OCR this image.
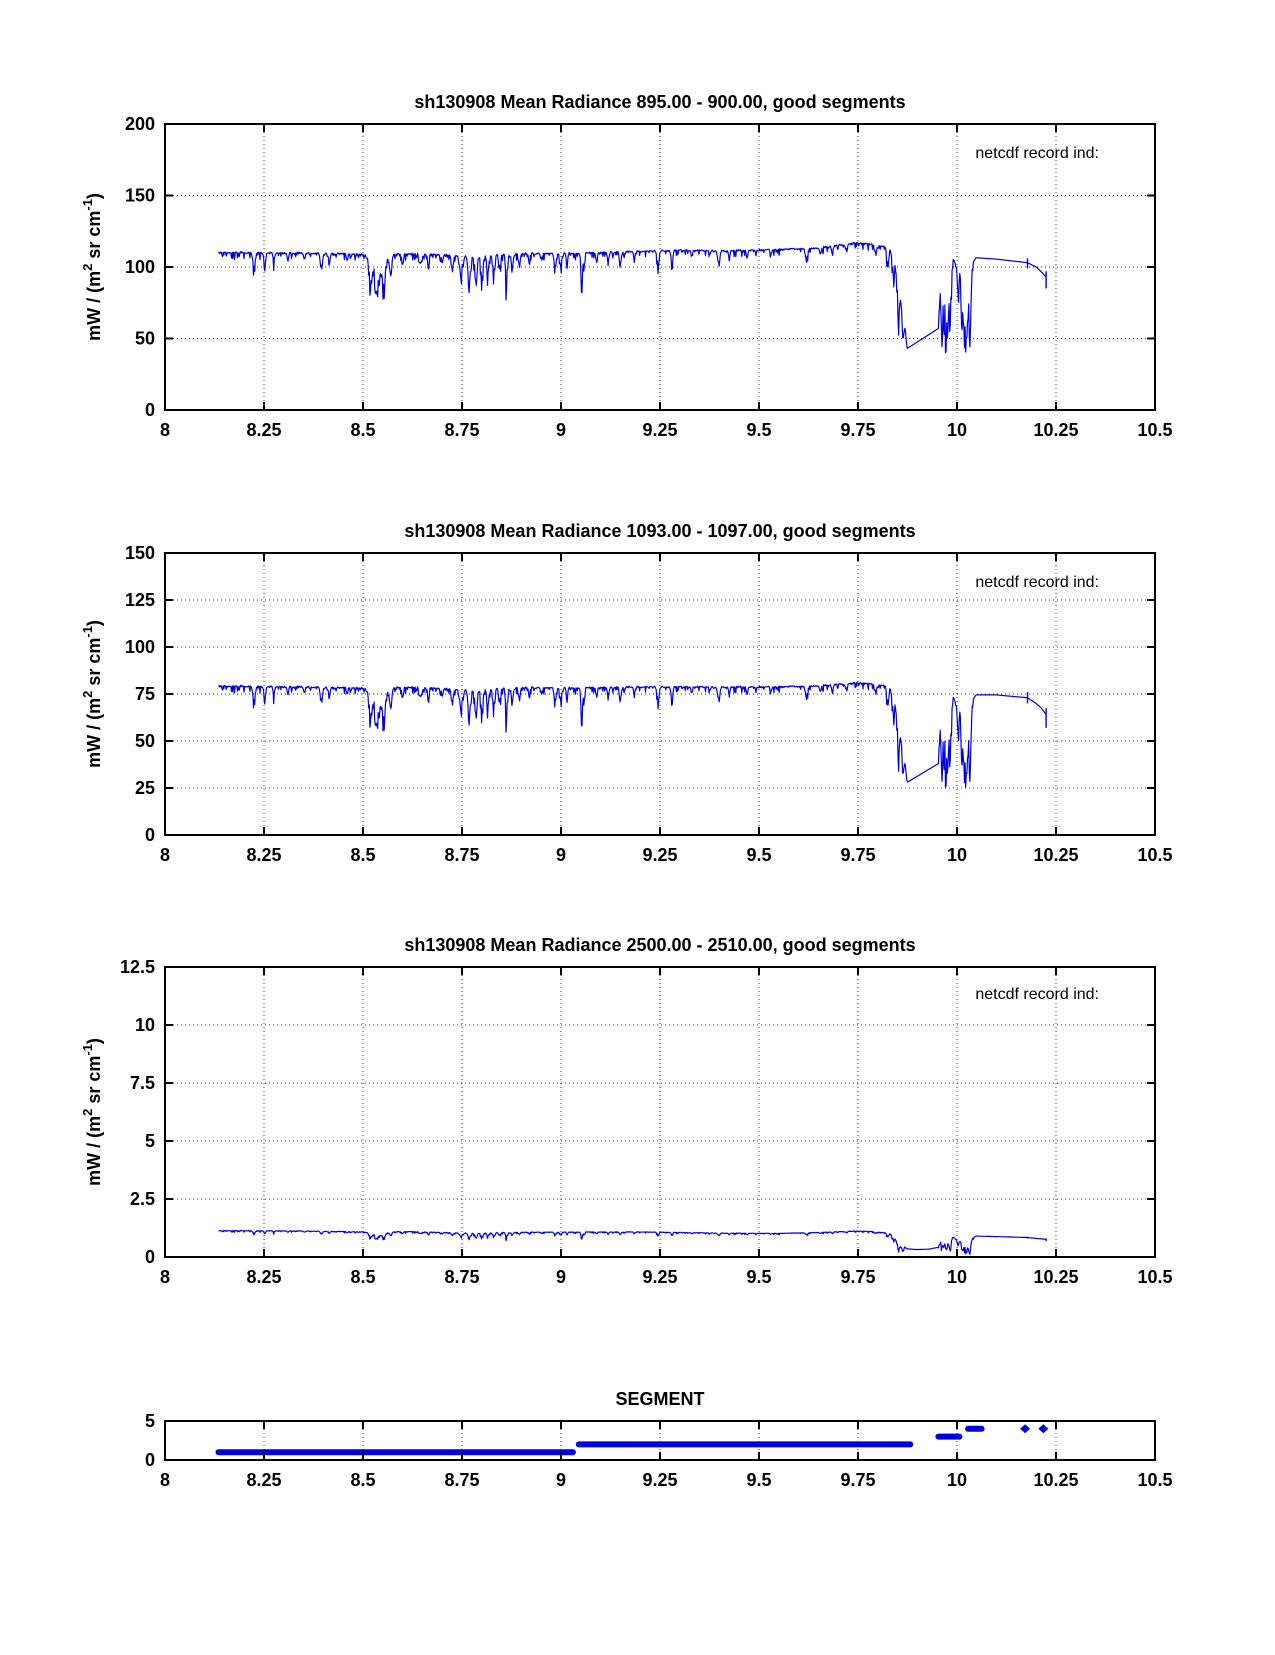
8	8.25	8.5	8.75	9	9.25	9.5	9.75	10	10.25	10.5
0
50
100
150
200
sh130908 Mean Radiance 895.00 - 900.00, good segments
netcdf record ind:
mW / ($m^2$ sr $cm^{-1}$)
8	8.25	8.5	8.75	9	9.25	9.5	9.75	10	10.25	10.5
0
25
50
75
100
125
150
sh130908 Mean Radiance 1093.00 - 1097.00, good segments
netcdf record ind:
mW / ($m^2$ sr $cm^{-1}$)
8	8.25	8.5	8.75	9	9.25	9.5	9.75	10	10.25	10.5
0
2.5
5
7.5
10
12.5
sh130908 Mean Radiance 2500.00 - 2510.00, good segments
netcdf record ind:
mW / ($m^2$ sr $cm^{-1}$)
8	8.25	8.5	8.75	9	9.25	9.5	9.75	10	10.25	10.5
0
5
SEGMENT
